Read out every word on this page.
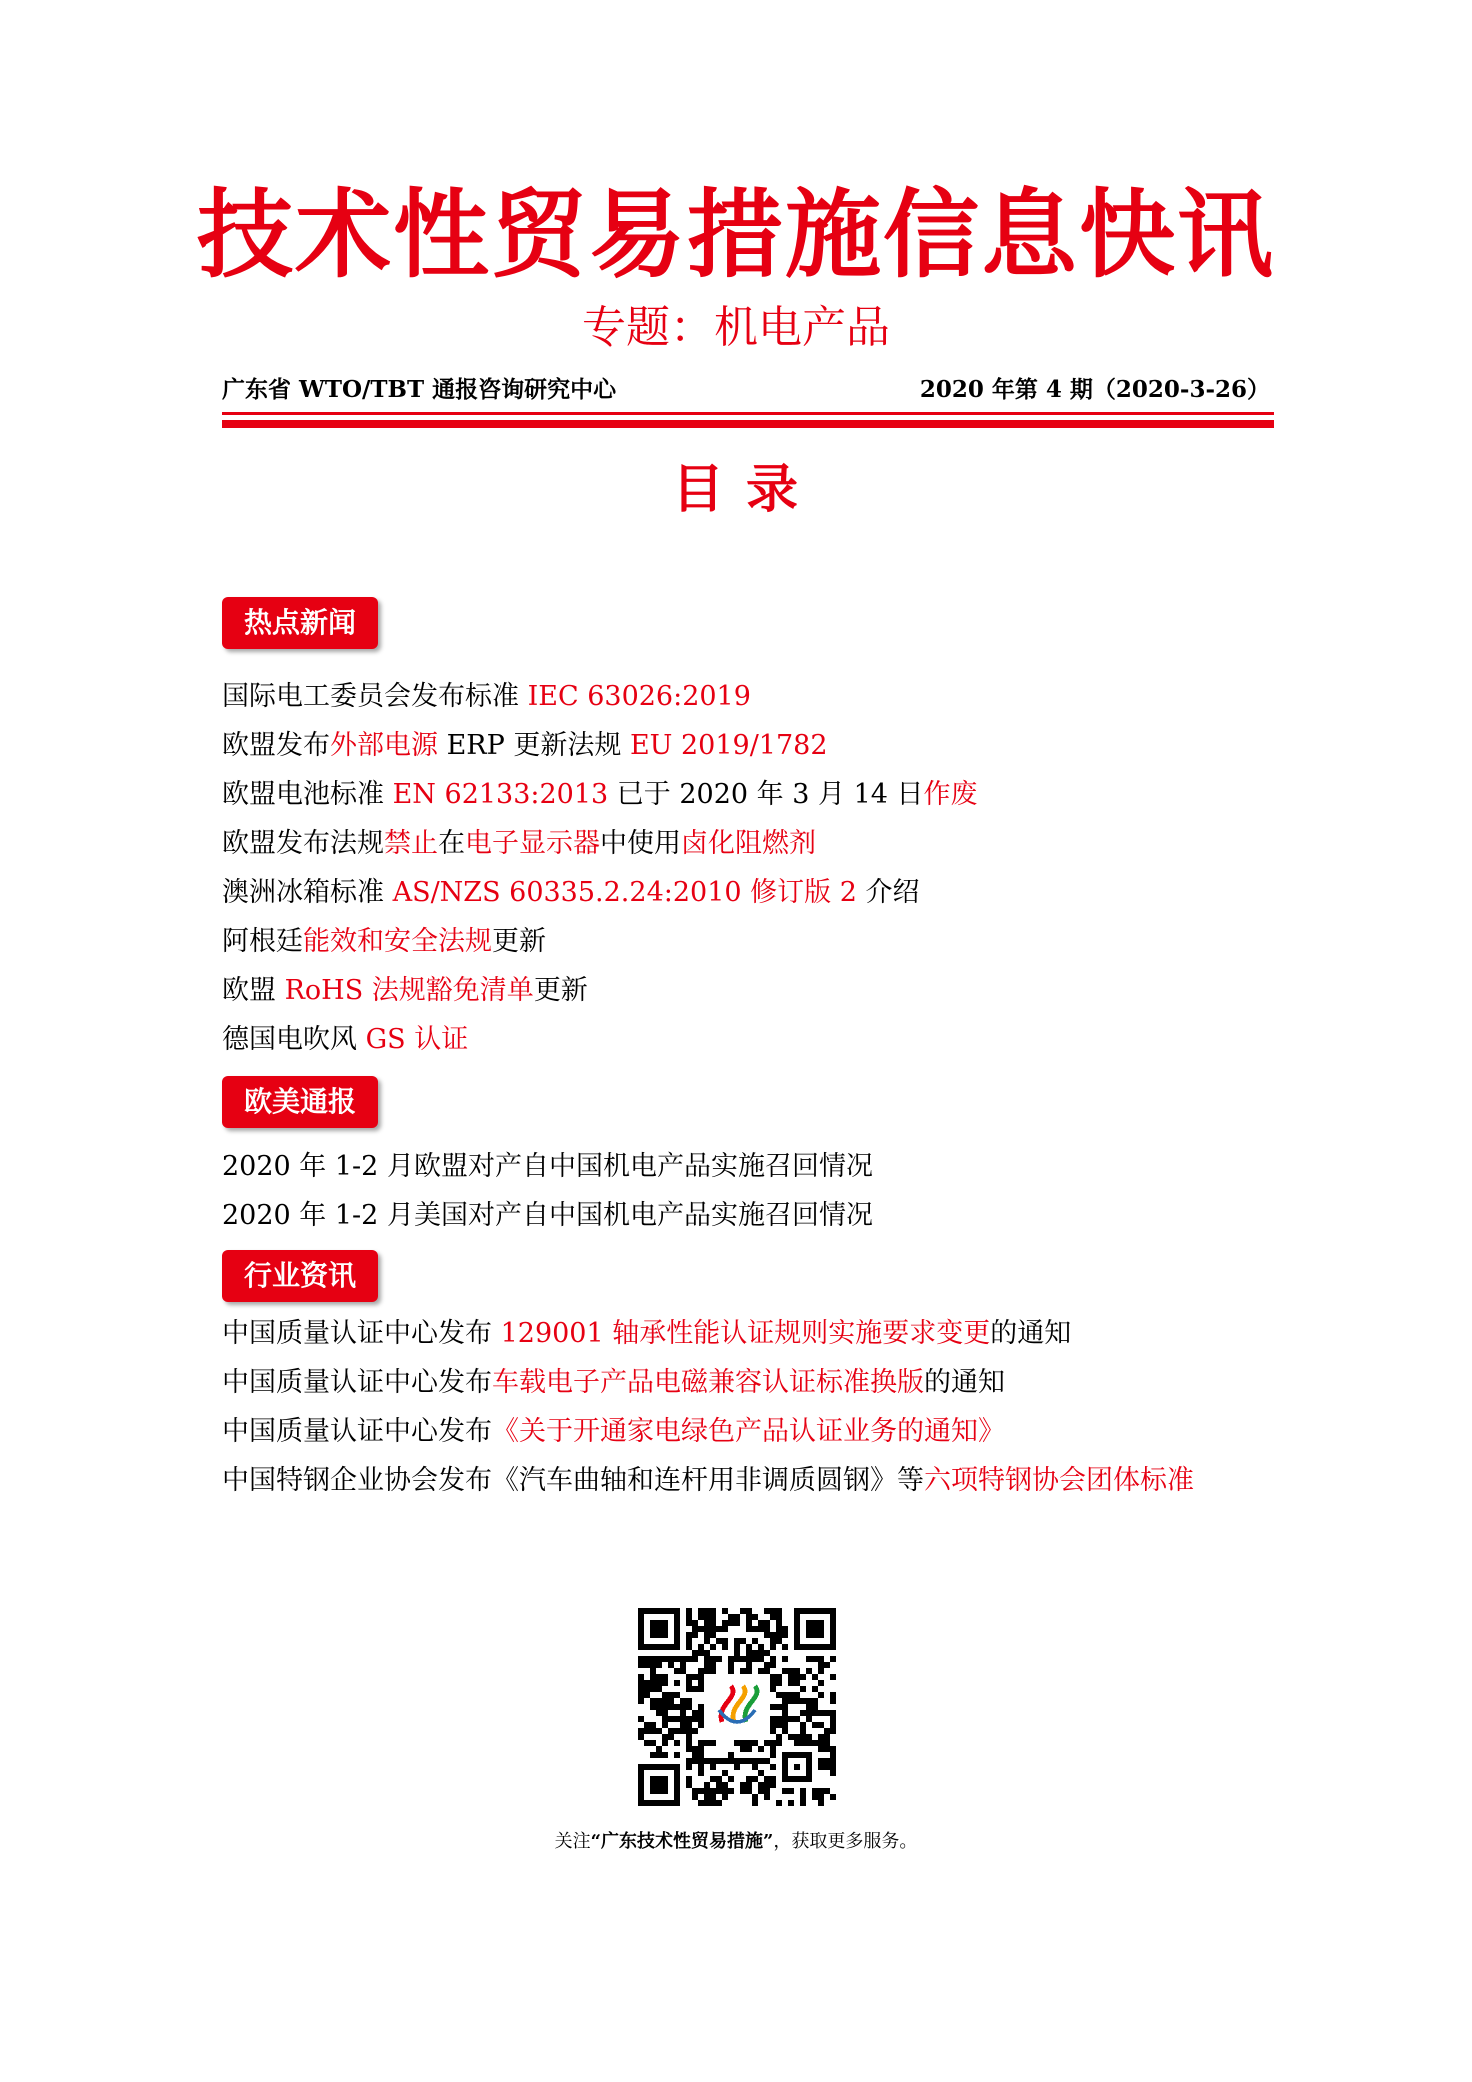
技术性贸易措施信息快讯
专题：机电产品
广东省 WTO/TBT 通报咨询研究中心	2020 年第 4 期（2020-3-26）
目 录
热点新闻
国际电工委员会发布标准 IEC 63026:2019
欧盟发布外部电源 ERP 更新法规 EU 2019/1782
欧盟电池标准 EN 62133:2013 已于 2020 年 3 月 14 日作废
欧盟发布法规禁止在电子显示器中使用卤化阻燃剂
澳洲冰箱标准 AS/NZS 60335.2.24:2010 修订版 2 介绍
阿根廷能效和安全法规更新
欧盟 RoHS 法规豁免清单更新
德国电吹风 GS 认证
欧美通报
2020 年 1-2 月欧盟对产自中国机电产品实施召回情况
2020 年 1-2 月美国对产自中国机电产品实施召回情况
行业资讯
中国质量认证中心发布 129001 轴承性能认证规则实施要求变更的通知
中国质量认证中心发布车载电子产品电磁兼容认证标准换版的通知
中国质量认证中心发布《关于开通家电绿色产品认证业务的通知》
中国特钢企业协会发布《汽车曲轴和连杆用非调质圆钢》等六项特钢协会团体标准
关注“广东技术性贸易措施”，获取更多服务。
